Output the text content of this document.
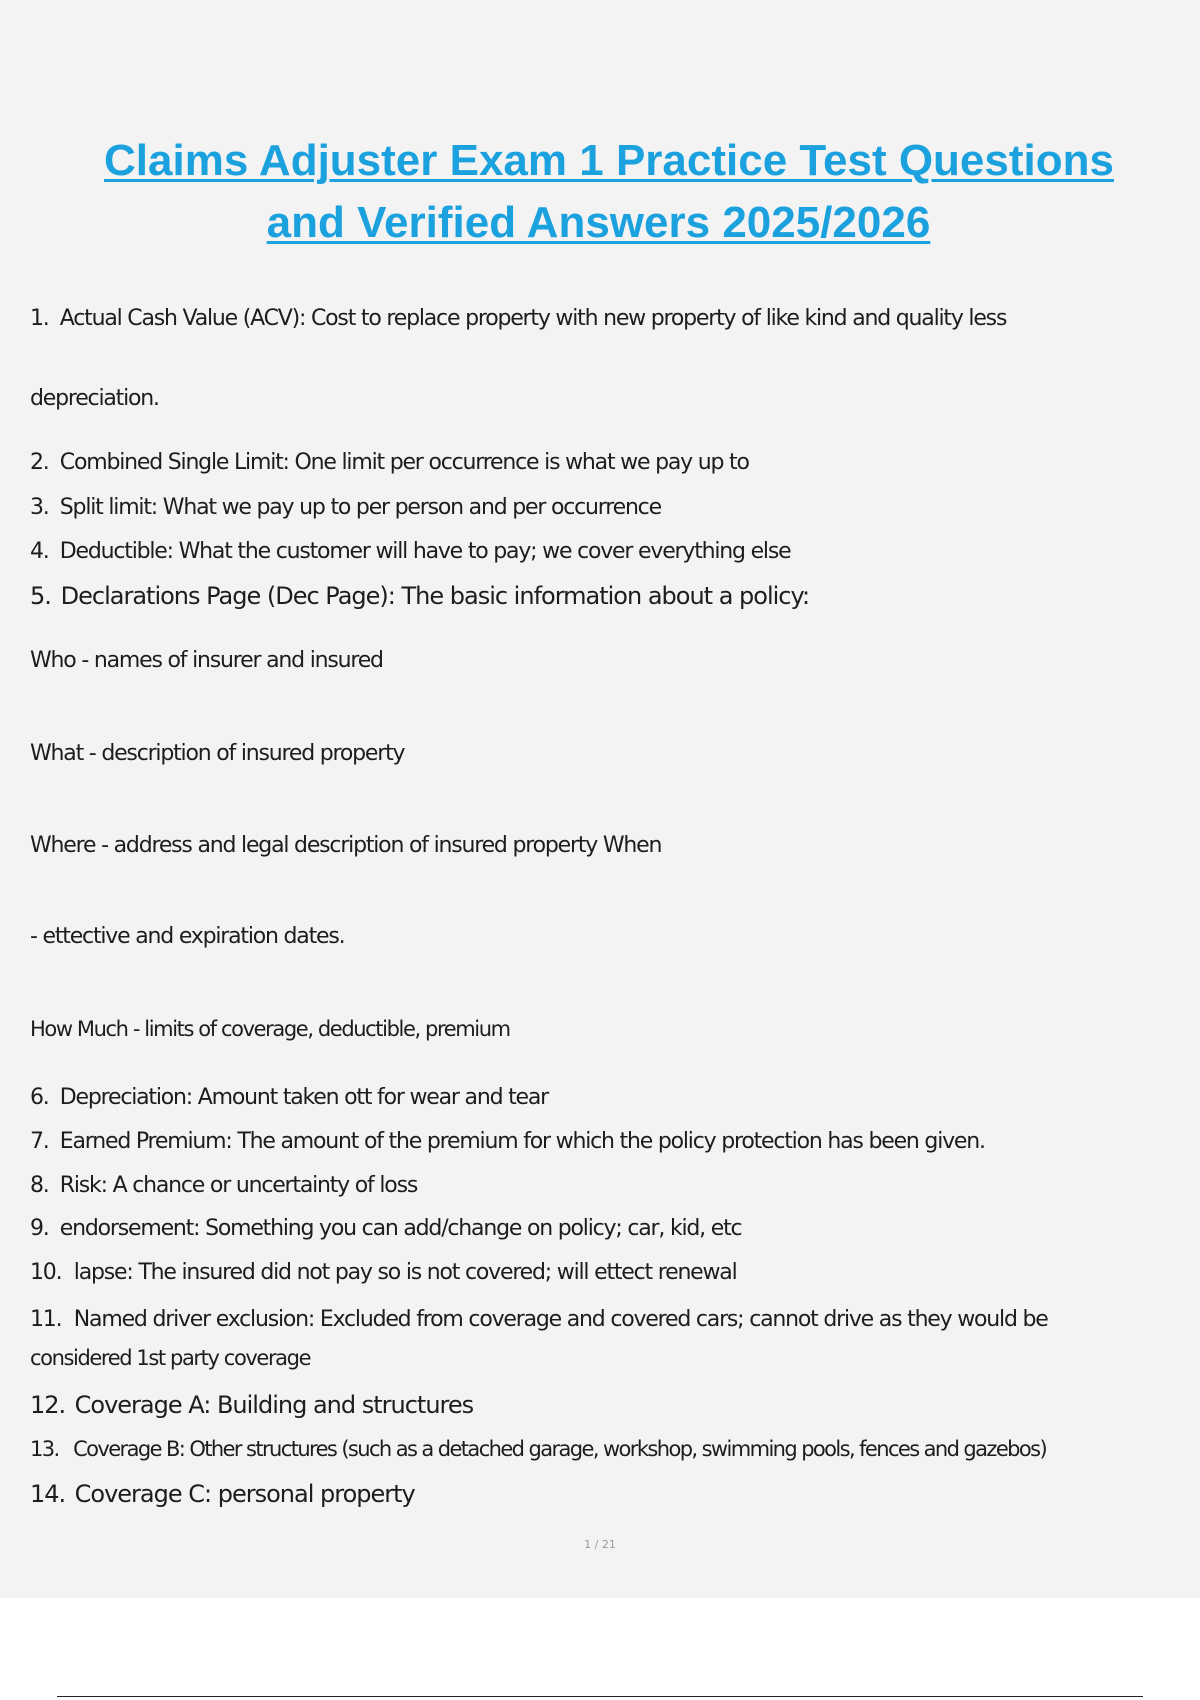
Claims Adjuster Exam 1 Practice Test Questions
and Verified Answers 2025/2026
1. Actual Cash Value (ACV): Cost to replace property with new property of like kind and quality less
depreciation.
2. Combined Single Limit: One limit per occurrence is what we pay up to
3. Split limit: What we pay up to per person and per occurrence
4. Deductible: What the customer will have to pay; we cover everything else
5. Declarations Page (Dec Page): The basic information about a policy:
Who - names of insurer and insured
What - description of insured property
Where - address and legal description of insured property When
- ettective and expiration dates.
How Much - limits of coverage, deductible, premium
6. Depreciation: Amount taken ott for wear and tear
7. Earned Premium: The amount of the premium for which the policy protection has been given.
8. Risk: A chance or uncertainty of loss
9. endorsement: Something you can add/change on policy; car, kid, etc
10. lapse: The insured did not pay so is not covered; will ettect renewal
11. Named driver exclusion: Excluded from coverage and covered cars; cannot drive as they would be
considered 1st party coverage
12. Coverage A: Building and structures
13. Coverage B: Other structures (such as a detached garage, workshop, swimming pools, fences and gazebos)
14. Coverage C: personal property
1 / 21
